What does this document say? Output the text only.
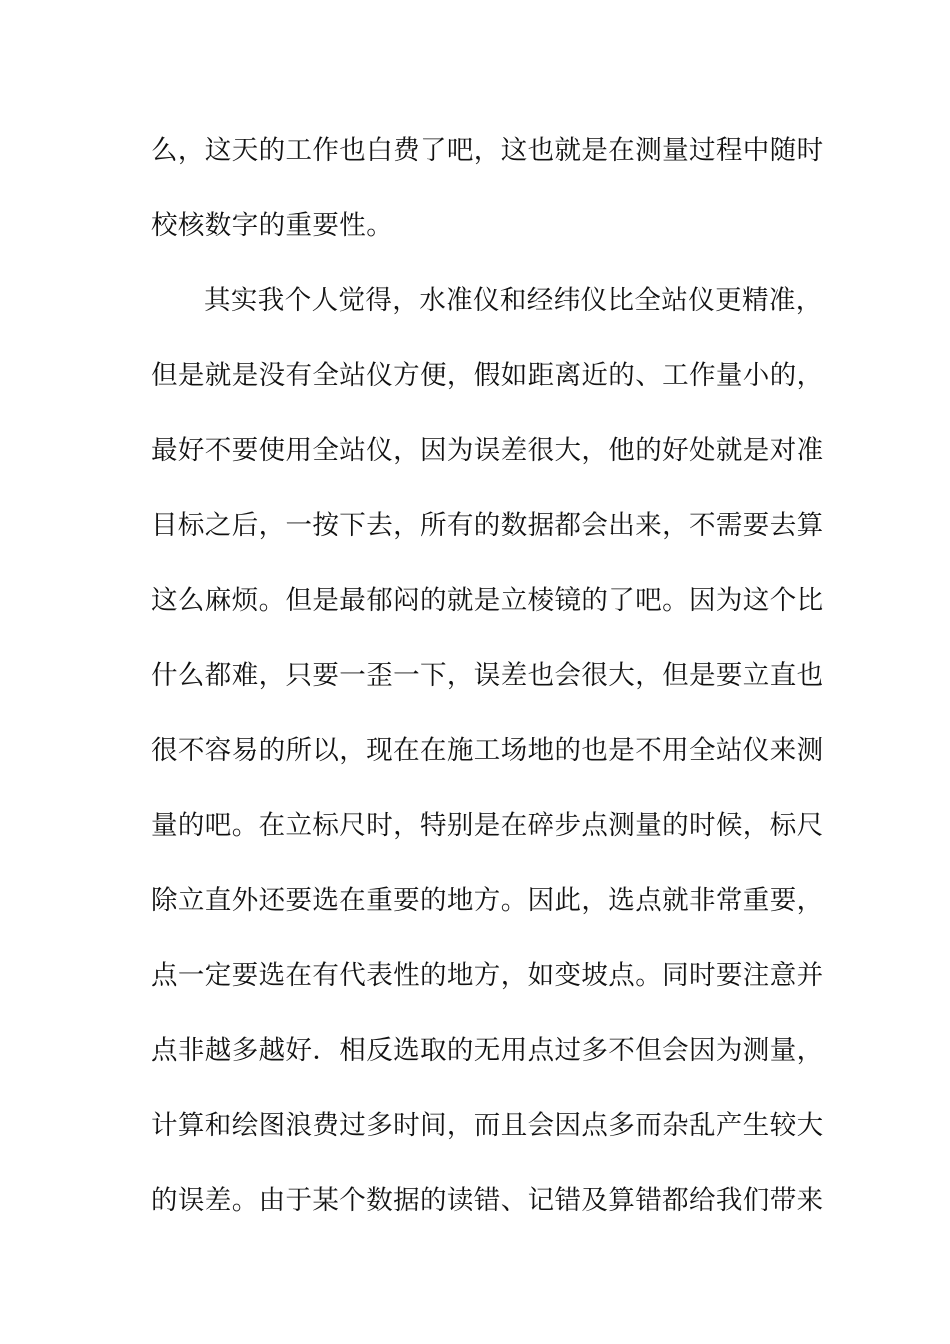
么，这天的工作也白费了吧，这也就是在测量过程中随时
校核数字的重要性。
其实我个人觉得，水准仪和经纬仪比全站仪更精准，
但是就是没有全站仪方便，假如距离近的、工作量小的，
最好不要使用全站仪，因为误差很大，他的好处就是对准
目标之后，一按下去，所有的数据都会出来，不需要去算
这么麻烦。但是最郁闷的就是立棱镜的了吧。因为这个比
什么都难，只要一歪一下，误差也会很大，但是要立直也
很不容易的所以，现在在施工场地的也是不用全站仪来测
量的吧。在立标尺时，特别是在碎步点测量的时候，标尺
除立直外还要选在重要的地方。因此，选点就非常重要，
点一定要选在有代表性的地方，如变坡点。同时要注意并
点非越多越好．相反选取的无用点过多不但会因为测量，
计算和绘图浪费过多时间，而且会因点多而杂乱产生较大
的误差。由于某个数据的读错、记错及算错都给我们带来
